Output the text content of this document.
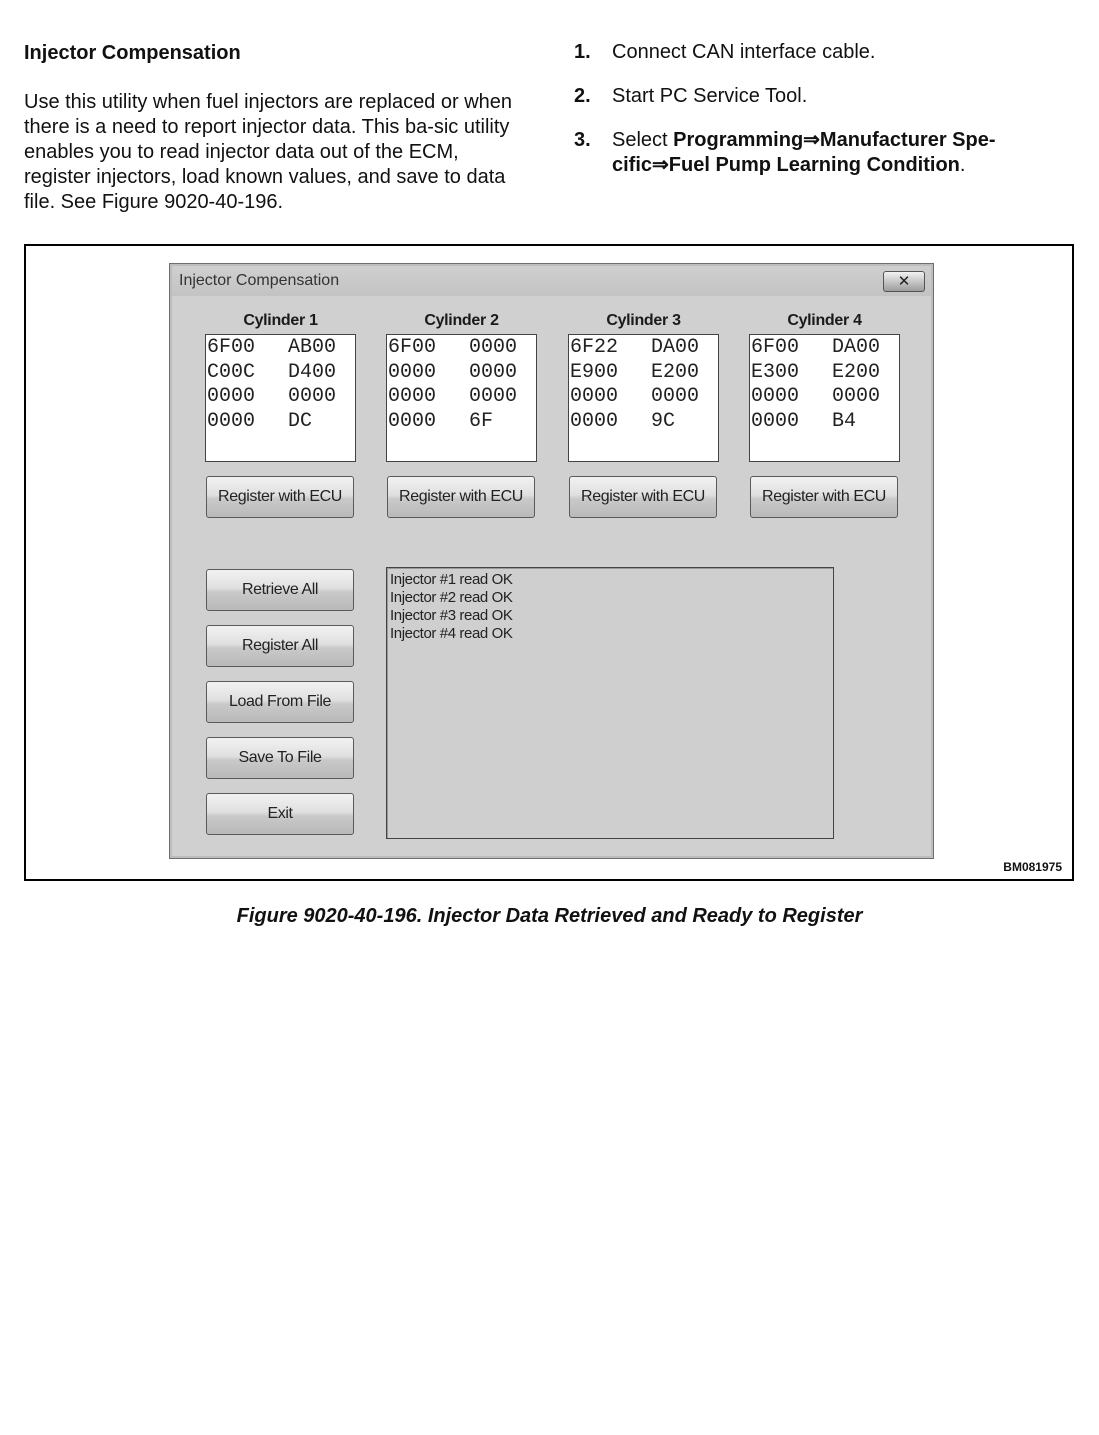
Injector Compensation
Use this utility when fuel injectors are replaced or when there is a need to report injector data. This ba-sic utility enables you to read injector data out of the ECM, register injectors, load known values, and save to data file. See Figure 9020-40-196.
1. Connect CAN interface cable.
2. Start PC Service Tool.
3. Select Programming⇒Manufacturer Spe-cific⇒Fuel Pump Learning Condition.
Injector Compensation	✕
Cylinder 1
6F00	AB00
C00C	D400
0000	0000
0000	DC
Cylinder 2
6F00	0000
0000	0000
0000	0000
0000	6F
Cylinder 3
6F22	DA00
E900	E200
0000	0000
0000	9C
Cylinder 4
6F00	DA00
E300	E200
0000	0000
0000	B4
Register with ECU	Register with ECU	Register with ECU	Register with ECU
Retrieve All
Register All
Load From File
Save To File
Exit
Injector #1 read OK
Injector #2 read OK
Injector #3 read OK
Injector #4 read OK
BM081975
Figure 9020-40-196. Injector Data Retrieved and Ready to Register
